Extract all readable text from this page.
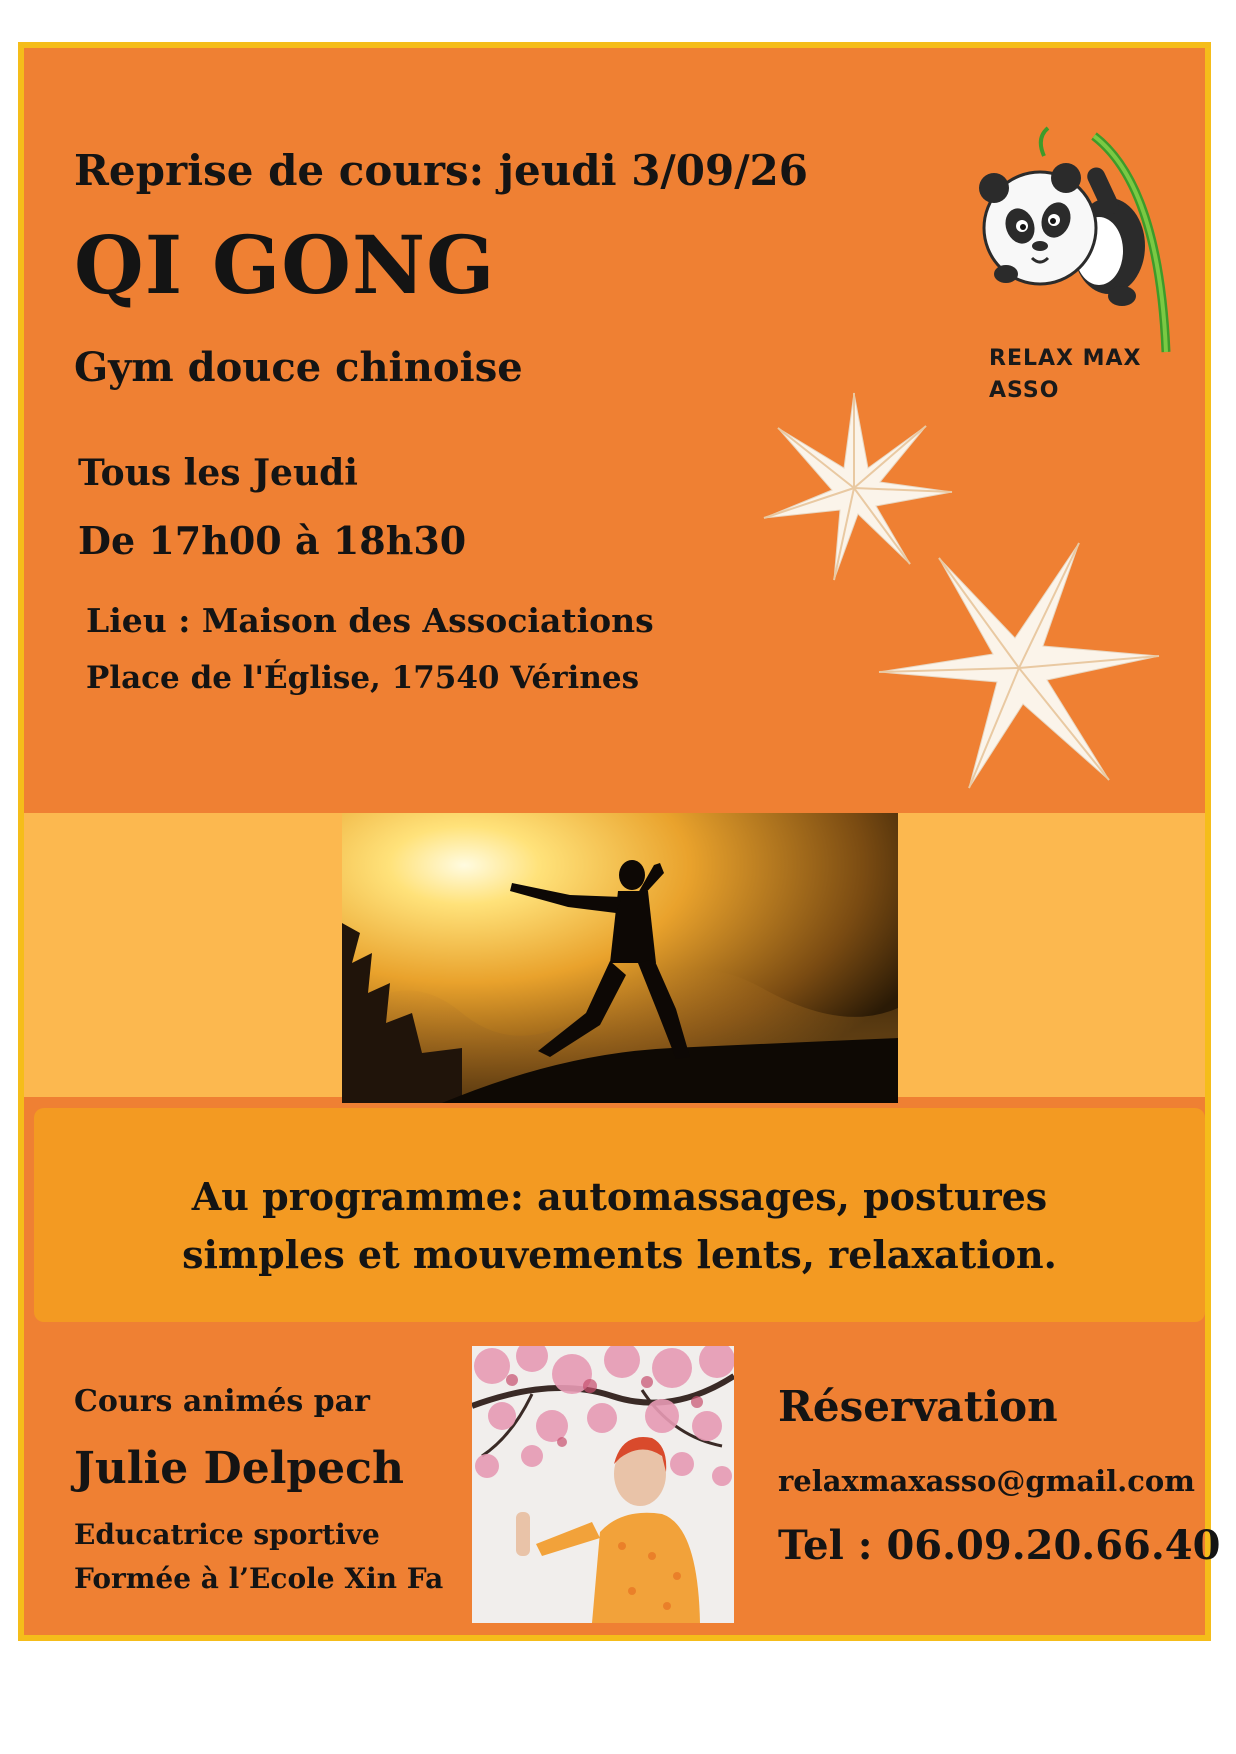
Reprise de cours: jeudi 3/09/26
QI GONG
Gym douce chinoise
Tous les Jeudi
De 17h00 à 18h30
Lieu : Maison des Associations
Place de l'Église, 17540 Vérines
RELAX MAX
ASSO
Au programme: automassages, postures simples et mouvements lents, relaxation.
Cours animés par
Julie Delpech
Educatrice sportive
Formée à l’Ecole Xin Fa
Réservation
relaxmaxasso@gmail.com
Tel : 06.09.20.66.40
